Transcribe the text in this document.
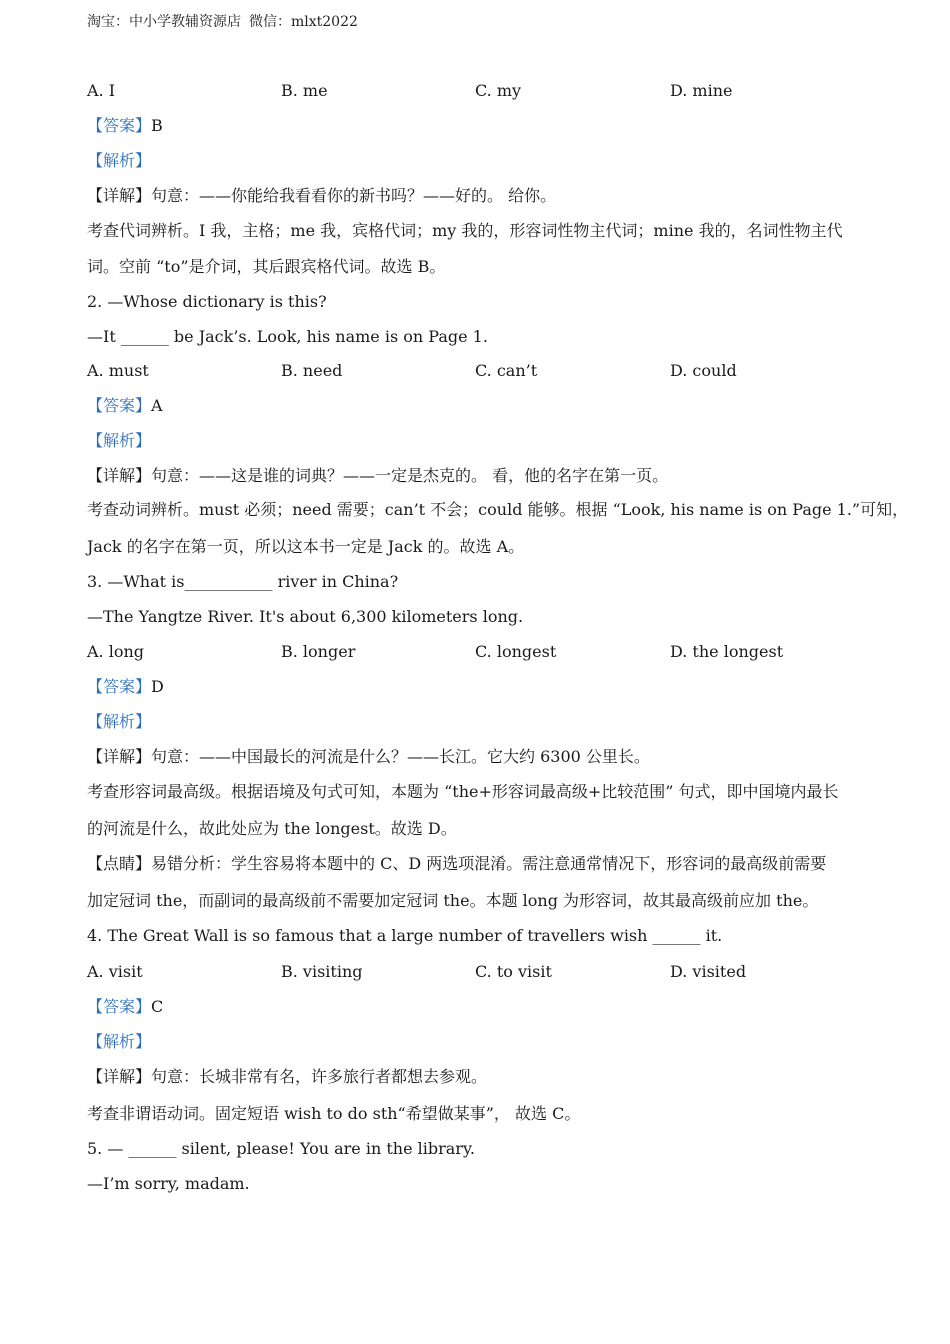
淘宝：中小学教辅资源店 微信：mlxt2022
A. I	B. me	C. my	D. mine
【答案】B
【解析】
【详解】句意：——你能给我看看你的新书吗？——好的。 给你。
考查代词辨析。I 我，主格；me 我，宾格代词；my 我的，形容词性物主代词；mine 我的，名词性物主代
词。空前 “to”是介词，其后跟宾格代词。故选 B。
2. —Whose dictionary is this?
—It ______ be Jack’s. Look, his name is on Page 1.
A. must	B. need	C. can’t	D. could
【答案】A
【解析】
【详解】句意：——这是谁的词典？——一定是杰克的。 看，他的名字在第一页。
考查动词辨析。must 必须；need 需要；can’t 不会；could 能够。根据 “Look, his name is on Page 1.”可知，
Jack 的名字在第一页，所以这本书一定是 Jack 的。故选 A。
3. —What is___________ river in China?
—The Yangtze River. It's about 6,300 kilometers long.
A. long	B. longer	C. longest	D. the longest
【答案】D
【解析】
【详解】句意：——中国最长的河流是什么？——长江。它大约 6300 公里长。
考查形容词最高级。根据语境及句式可知，本题为 “the+形容词最高级+比较范围” 句式，即中国境内最长
的河流是什么，故此处应为 the longest。故选 D。
【点睛】易错分析：学生容易将本题中的 C、D 两选项混淆。需注意通常情况下，形容词的最高级前需要
加定冠词 the，而副词的最高级前不需要加定冠词 the。本题 long 为形容词，故其最高级前应加 the。
4. The Great Wall is so famous that a large number of travellers wish ______ it.
A. visit	B. visiting	C. to visit	D. visited
【答案】C
【解析】
【详解】句意：长城非常有名，许多旅行者都想去参观。
考查非谓语动词。固定短语 wish to do sth“希望做某事”， 故选 C。
5. — ______ silent, please! You are in the library.
—I’m sorry, madam.
